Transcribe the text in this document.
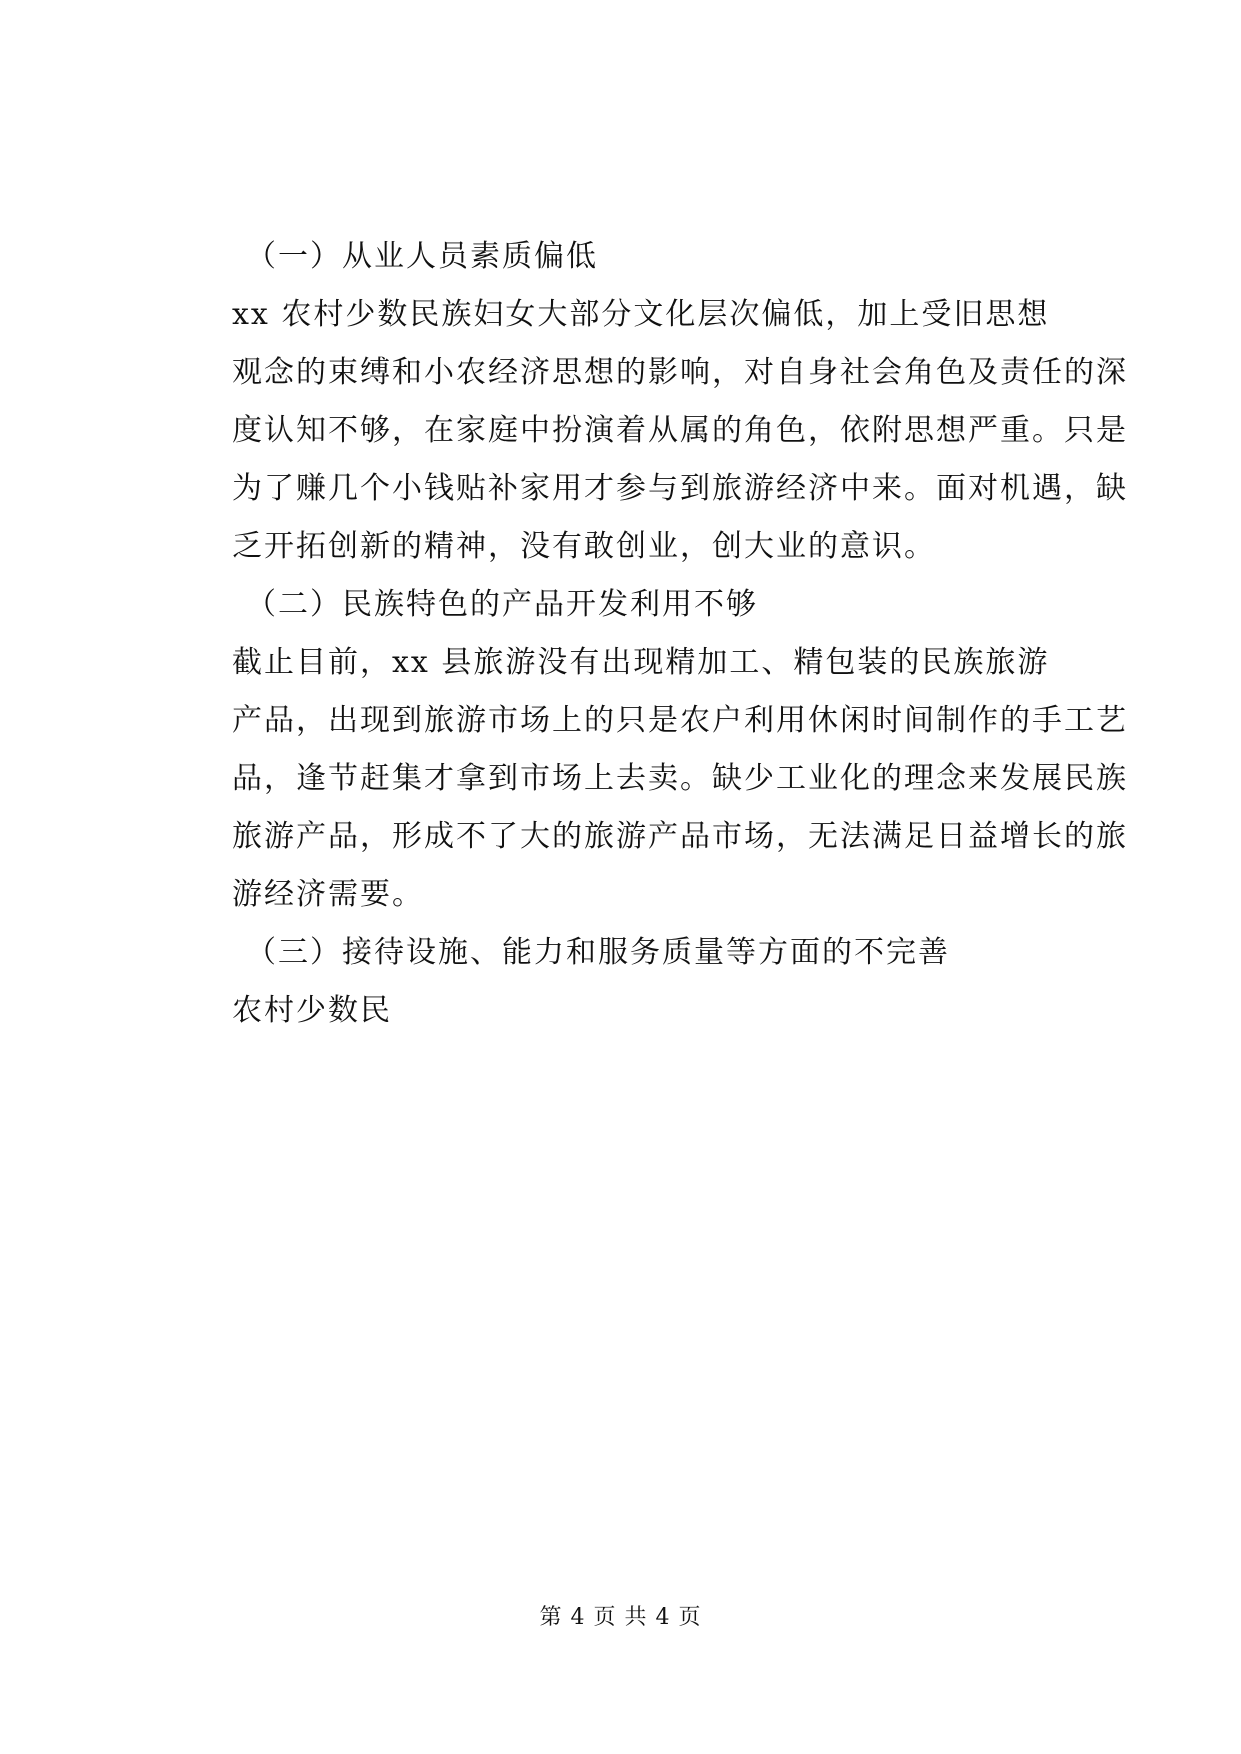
（一）从业人员素质偏低
xx 农村少数民族妇女大部分文化层次偏低，加上受旧思想
观念的束缚和小农经济思想的影响，对自身社会角色及责任的深
度认知不够，在家庭中扮演着从属的角色，依附思想严重。只是
为了赚几个小钱贴补家用才参与到旅游经济中来。面对机遇，缺
乏开拓创新的精神，没有敢创业，创大业的意识。
（二）民族特色的产品开发利用不够
截止目前，xx 县旅游没有出现精加工、精包装的民族旅游
产品，出现到旅游市场上的只是农户利用休闲时间制作的手工艺
品，逢节赶集才拿到市场上去卖。缺少工业化的理念来发展民族
旅游产品，形成不了大的旅游产品市场，无法满足日益增长的旅
游经济需要。
（三）接待设施、能力和服务质量等方面的不完善
农村少数民
第 4 页 共 4 页
